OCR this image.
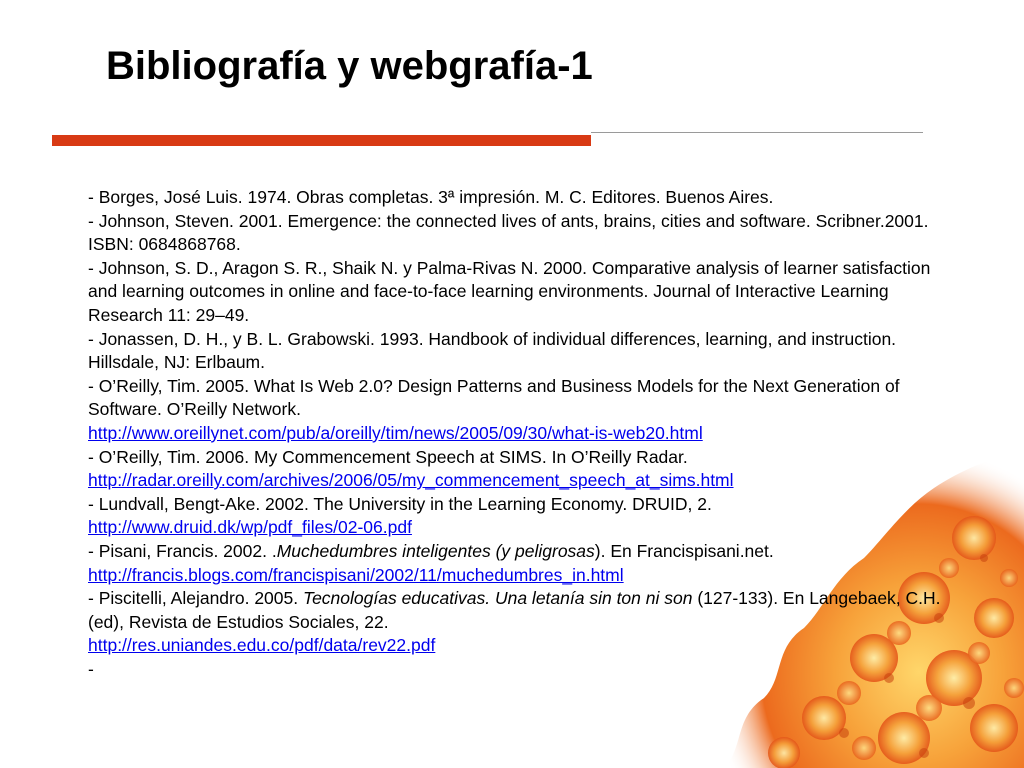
Bibliografía y webgrafía-1

- Borges, José Luis. 1974. Obras completas. 3ª impresión. M. C. Editores. Buenos Aires.

- Johnson, Steven. 2001. Emergence: the connected lives of ants, brains, cities and software. Scribner.2001. ISBN: 0684868768.

- Johnson, S. D., Aragon S. R., Shaik N. y Palma-Rivas N. 2000. Comparative analysis of learner satisfaction and learning outcomes in online and face-to-face learning environments. Journal of Interactive Learning Research 11: 29–49.

- Jonassen, D. H., y B. L. Grabowski. 1993. Handbook of individual differences, learning, and instruction. Hillsdale, NJ: Erlbaum.

- O’Reilly, Tim. 2005. What Is Web 2.0? Design Patterns and Business Models for the Next Generation of Software. O’Reilly Network.
http://www.oreillynet.com/pub/a/oreilly/tim/news/2005/09/30/what-is-web20.html

- O’Reilly, Tim. 2006. My Commencement Speech at SIMS. In O’Reilly Radar.
http://radar.oreilly.com/archives/2006/05/my_commencement_speech_at_sims.html

- Lundvall, Bengt-Ake. 2002. The University in the Learning Economy. DRUID, 2.
http://www.druid.dk/wp/pdf_files/02-06.pdf

- Pisani, Francis. 2002. .Muchedumbres inteligentes (y peligrosas). En Francispisani.net.
http://francis.blogs.com/francispisani/2002/11/muchedumbres_in.html

- Piscitelli, Alejandro. 2005. Tecnologías educativas. Una letanía sin ton ni son (127-133). En Langebaek, C.H. (ed), Revista de Estudios Sociales, 22.
http://res.uniandes.edu.co/pdf/data/rev22.pdf

-
